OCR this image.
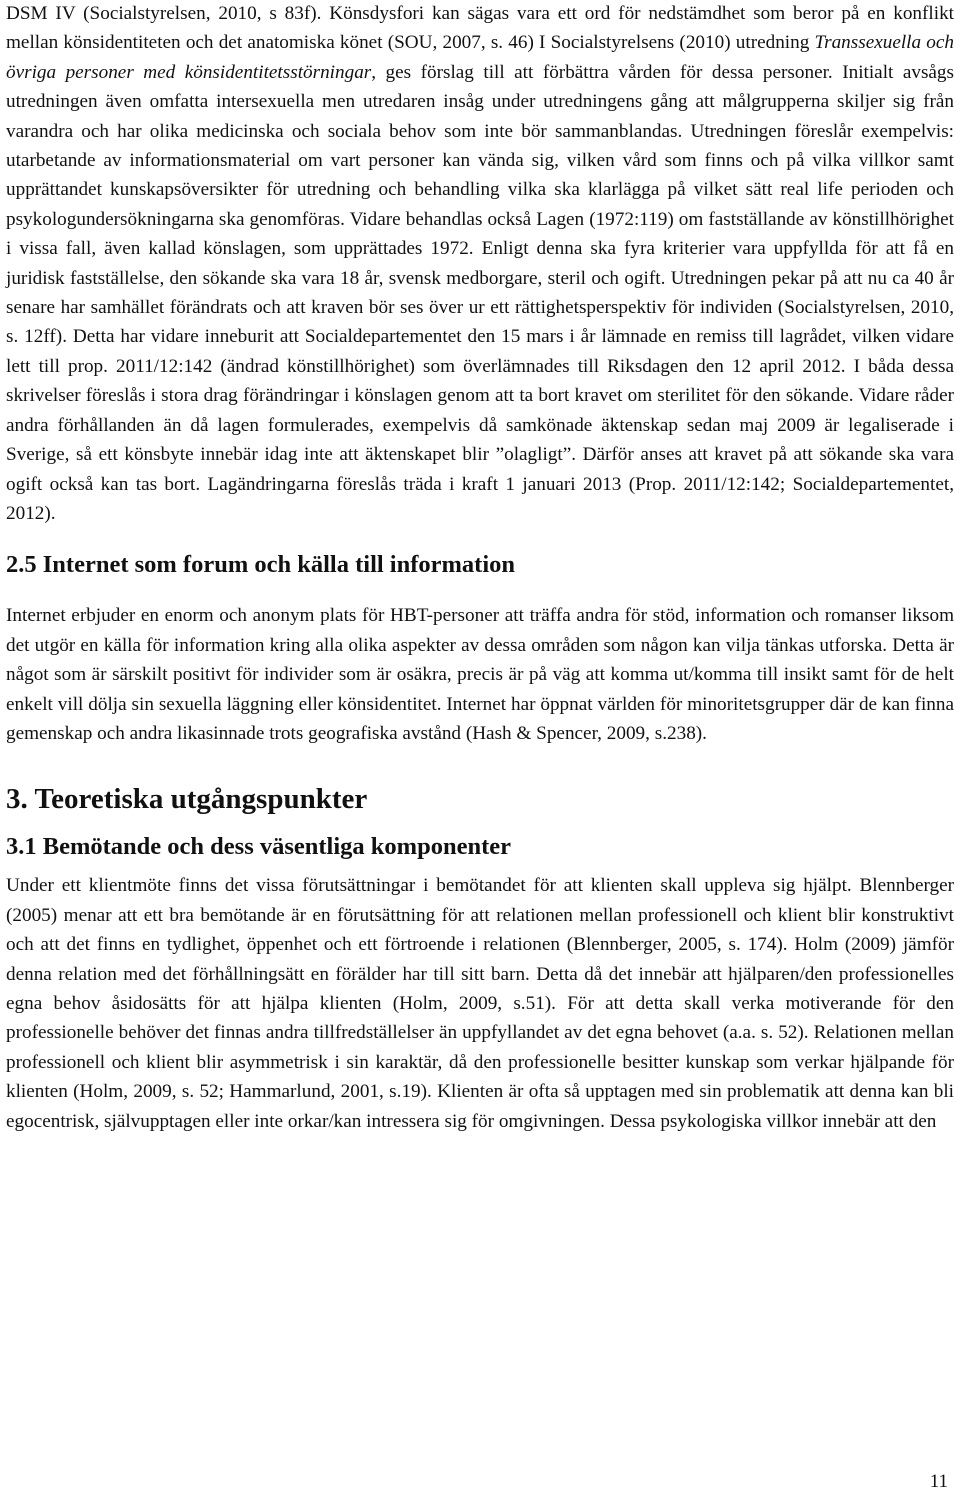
DSM IV (Socialstyrelsen, 2010, s 83f). Könsdysfori kan sägas vara ett ord för nedstämdhet som beror på en konflikt mellan könsidentiteten och det anatomiska könet (SOU, 2007, s. 46) I Socialstyrelsens (2010) utredning Transsexuella och övriga personer med könsidentitetsstörningar, ges förslag till att förbättra vården för dessa personer. Initialt avsågs utredningen även omfatta intersexuella men utredaren insåg under utredningens gång att målgrupperna skiljer sig från varandra och har olika medicinska och sociala behov som inte bör sammanblandas. Utredningen föreslår exempelvis: utarbetande av informationsmaterial om vart personer kan vända sig, vilken vård som finns och på vilka villkor samt upprättandet kunskapsöversikter för utredning och behandling vilka ska klarlägga på vilket sätt real life perioden och psykologundersökningarna ska genomföras. Vidare behandlas också Lagen (1972:119) om fastställande av könstillhörighet i vissa fall, även kallad könslagen, som upprättades 1972. Enligt denna ska fyra kriterier vara uppfyllda för att få en juridisk fastställelse, den sökande ska vara 18 år, svensk medborgare, steril och ogift. Utredningen pekar på att nu ca 40 år senare har samhället förändrats och att kraven bör ses över ur ett rättighetsperspektiv för individen (Socialstyrelsen, 2010, s. 12ff). Detta har vidare inneburit att Socialdepartementet den 15 mars i år lämnade en remiss till lagrådet, vilken vidare lett till prop. 2011/12:142 (ändrad könstillhörighet) som överlämnades till Riksdagen den 12 april 2012. I båda dessa skrivelser föreslås i stora drag förändringar i könslagen genom att ta bort kravet om sterilitet för den sökande. Vidare råder andra förhållanden än då lagen formulerades, exempelvis då samkönade äktenskap sedan maj 2009 är legaliserade i Sverige, så ett könsbyte innebär idag inte att äktenskapet blir ”olagligt”. Därför anses att kravet på att sökande ska vara ogift också kan tas bort. Lagändringarna föreslås träda i kraft 1 januari 2013 (Prop. 2011/12:142; Socialdepartementet, 2012).

2.5 Internet som forum och källa till information

Internet erbjuder en enorm och anonym plats för HBT-personer att träffa andra för stöd, information och romanser liksom det utgör en källa för information kring alla olika aspekter av dessa områden som någon kan vilja tänkas utforska. Detta är något som är särskilt positivt för individer som är osäkra, precis är på väg att komma ut/komma till insikt samt för de helt enkelt vill dölja sin sexuella läggning eller könsidentitet. Internet har öppnat världen för minoritetsgrupper där de kan finna gemenskap och andra likasinnade trots geografiska avstånd (Hash & Spencer, 2009, s.238).

3. Teoretiska utgångspunkter
3.1 Bemötande och dess väsentliga komponenter

Under ett klientmöte finns det vissa förutsättningar i bemötandet för att klienten skall uppleva sig hjälpt. Blennberger (2005) menar att ett bra bemötande är en förutsättning för att relationen mellan professionell och klient blir konstruktivt och att det finns en tydlighet, öppenhet och ett förtroende i relationen (Blennberger, 2005, s. 174). Holm (2009) jämför denna relation med det förhållningsätt en förälder har till sitt barn. Detta då det innebär att hjälparen/den professionelles egna behov åsidosätts för att hjälpa klienten (Holm, 2009, s.51). För att detta skall verka motiverande för den professionelle behöver det finnas andra tillfredställelser än uppfyllandet av det egna behovet (a.a. s. 52). Relationen mellan professionell och klient blir asymmetrisk i sin karaktär, då den professionelle besitter kunskap som verkar hjälpande för klienten (Holm, 2009, s. 52; Hammarlund, 2001, s.19). Klienten är ofta så upptagen med sin problematik att denna kan bli egocentrisk, självupptagen eller inte orkar/kan intressera sig för omgivningen. Dessa psykologiska villkor innebär att den

11
